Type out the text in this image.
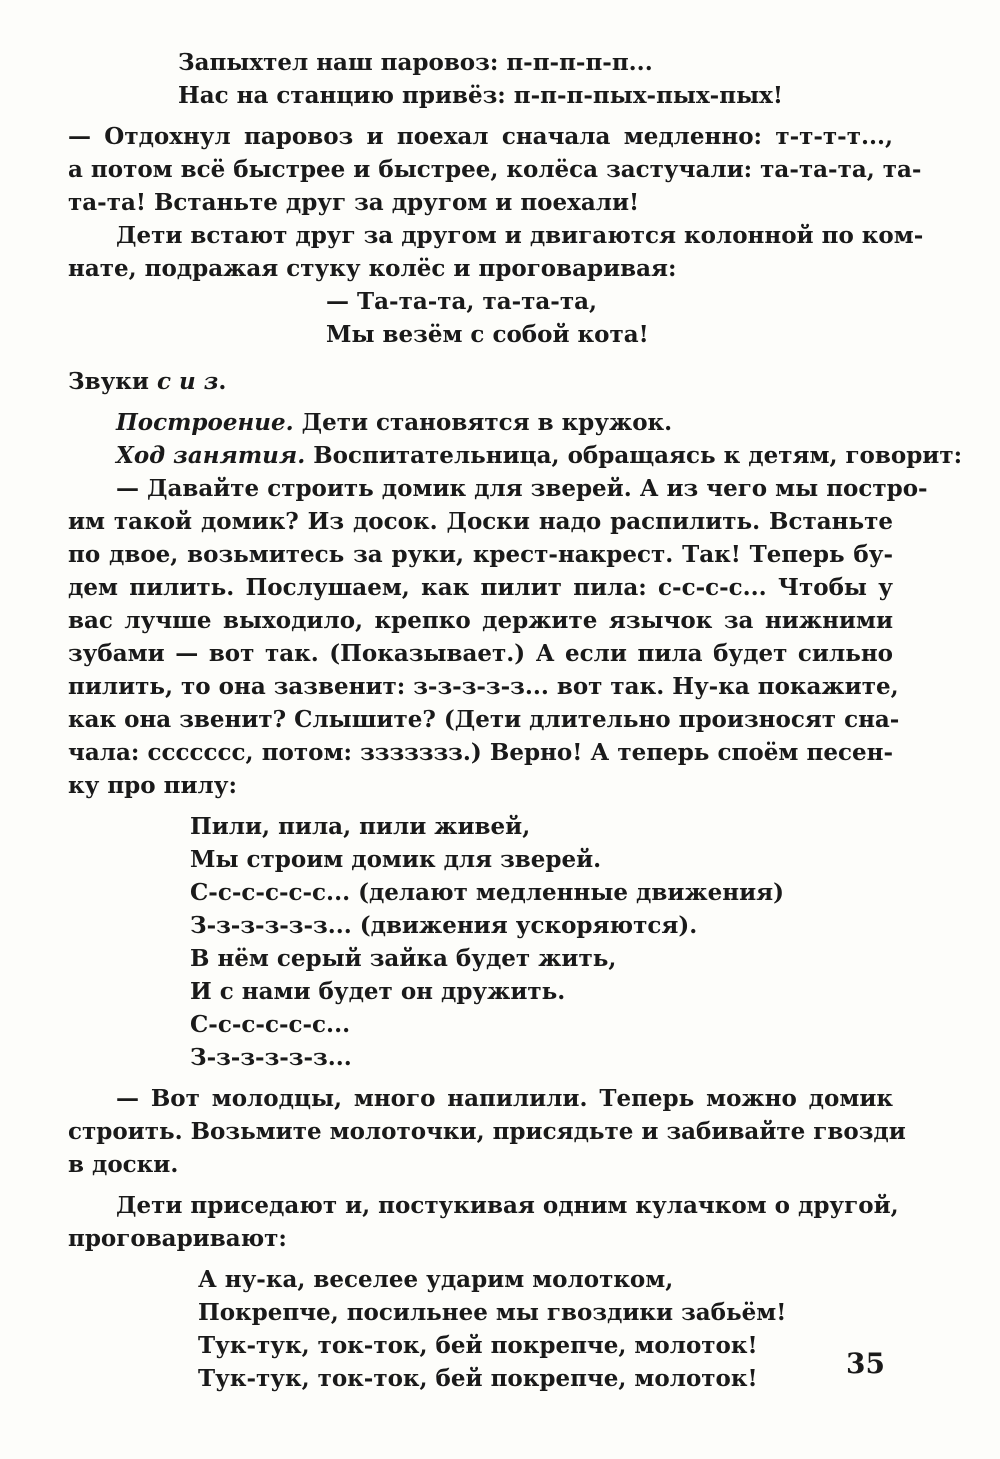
Запыхтел наш паровоз: п-п-п-п-п...
Нас на станцию привёз: п-п-п-пых-пых-пых!
— Отдохнул паровоз и поехал сначала медленно: т-т-т-т...,
а потом всё быстрее и быстрее, колёса застучали: та-та-та, та-
та-та! Встаньте друг за другом и поехали!
Дети встают друг за другом и двигаются колонной по ком-
нате, подражая стуку колёс и проговаривая:
— Та-та-та, та-та-та,
Мы везём с собой кота!
Звуки с и з.
Построение. Дети становятся в кружок.
Ход занятия. Воспитательница, обращаясь к детям, говорит:
— Давайте строить домик для зверей. А из чего мы постро-
им такой домик? Из досок. Доски надо распилить. Встаньте
по двое, возьмитесь за руки, крест-накрест. Так! Теперь бу-
дем пилить. Послушаем, как пилит пила: с-с-с-с... Чтобы у
вас лучше выходило, крепко держите язычок за нижними
зубами — вот так. (Показывает.) А если пила будет сильно
пилить, то она зазвенит: з-з-з-з-з... вот так. Ну-ка покажите,
как она звенит? Слышите? (Дети длительно произносят сна-
чала: ссссссс, потом: ззззззз.) Верно! А теперь споём песен-
ку про пилу:
Пили, пила, пили живей,
Мы строим домик для зверей.
С-с-с-с-с-с... (делают медленные движения)
З-з-з-з-з-з... (движения ускоряются).
В нём серый зайка будет жить,
И с нами будет он дружить.
С-с-с-с-с-с...
З-з-з-з-з-з...
— Вот молодцы, много напилили. Теперь можно домик
строить. Возьмите молоточки, присядьте и забивайте гвозди
в доски.
Дети приседают и, постукивая одним кулачком о другой,
проговаривают:
А ну-ка, веселее ударим молотком,
Покрепче, посильнее мы гвоздики забьём!
Тук-тук, ток-ток, бей покрепче, молоток!
Тук-тук, ток-ток, бей покрепче, молоток!	35
